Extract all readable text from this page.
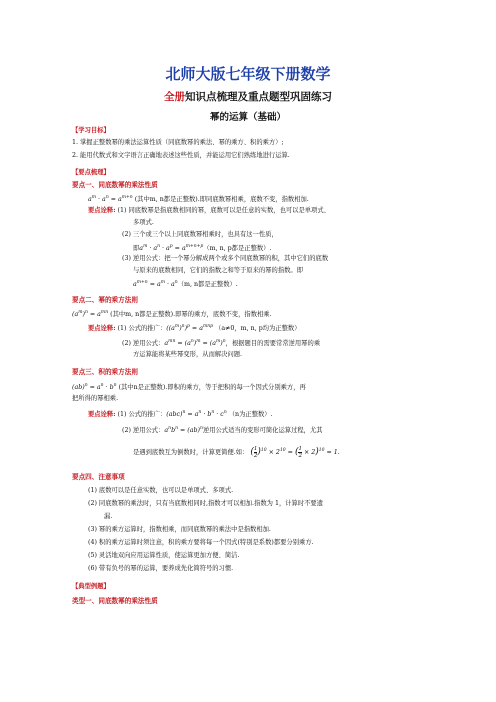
北师大版七年级下册数学
全册知识点梳理及重点题型巩固练习
幂的运算（基础）
【学习目标】
1. 掌握正整数幂的乘法运算性质（同底数幂的乘法、幂的乘方、积的乘方）;
2. 能用代数式和文字语言正确地表述这些性质，并能运用它们熟练地进行运算.
【要点梳理】
要点一、同底数幂的乘法性质
$a^m \cdot a^n = a^{m+n}$ (其中m, n都是正整数).即同底数幂相乘，底数不变，指数相加.
要点诠释: (1) 同底数幂是指底数相同的幂，底数可以是任意的实数，也可以是单项式、
多项式.
(2) 三个或三个以上同底数幂相乘时，也具有这一性质，
即$a^m \cdot a^n \cdot a^p = a^{m+n+p}(m$, n, p都是正整数）.
(3) 逆用公式：把一个幂分解成两个或多个同底数幂的积，其中它们的底数
与原来的底数相同，它们的指数之和等于原来的幂的指数。即
$a^{m+n} = a^m \cdot a^n(m$, n都是正整数）.
要点二、幂的乘方法则
$(a^m)^n = a^{mn}$ (其中m, n都是正整数).即幂的乘方，底数不变，指数相乘.
要点诠释: (1) 公式的推广：$((a^m)^n)^p = a^{mnp}$ （a≠0，m, n, p均为正整数）
(2) 逆用公式：$a^{mn} = (a^n)^m = (a^m)^n$，根据题目的需要常常逆用幂的乘
方运算能将某些幂变形，从而解决问题.
要点三、积的乘方法则
$(ab)^n = a^n \cdot b^n$ (其中n是正整数).即积的乘方，等于把积的每一个因式分别乘方，再
把所得的幂相乘.
要点诠释: (1) 公式的推广：$(abc)^n = a^n \cdot b^n \cdot c^n$ （n为正整数）.
(2) 逆用公式：$a^nb^n = (ab)^n$逆用公式适当的变形可简化运算过程，尤其
是遇到底数互为倒数时，计算更简便.如： ( $\frac{1}{2} )^{10} \times 2^{10}$ = ( $\frac{1}{2} \times 2)^{10} = 1$.
要点四、注意事项
(1) 底数可以是任意实数，也可以是单项式、多项式.
(2) 同底数幂的乘法时，只有当底数相同时,指数才可以相加.指数为 1，计算时不要遗
漏.
(3) 幂的乘方运算时，指数相乘，而同底数幂的乘法中是指数相加.
(4) 积的乘方运算时须注意，积的乘方要将每一个因式(特别是系数)都要分别乘方.
(5) 灵活地双向应用运算性质，使运算更加方便、简洁.
(6) 带有负号的幂的运算，要养成先化简符号的习惯.
【典型例题】
类型一、同底数幂的乘法性质
